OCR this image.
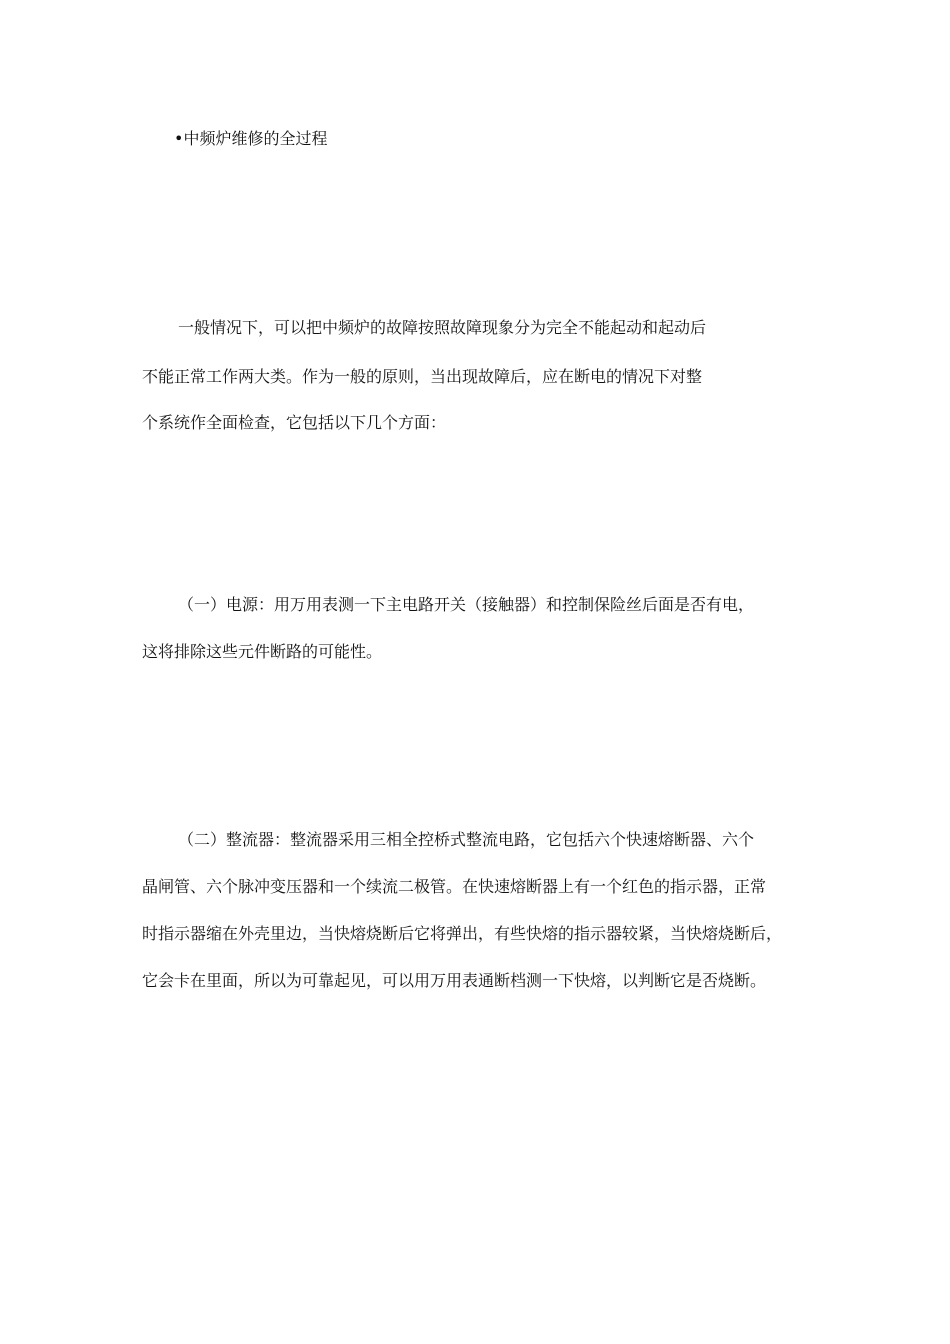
•中频炉维修的全过程
一般情况下，可以把中频炉的故障按照故障现象分为完全不能起动和起动后
不能正常工作两大类。作为一般的原则，当出现故障后，应在断电的情况下对整
个系统作全面检查，它包括以下几个方面：
（一）电源：用万用表测一下主电路开关（接触器）和控制保险丝后面是否有电，
这将排除这些元件断路的可能性。
（二）整流器：整流器采用三相全控桥式整流电路，它包括六个快速熔断器、六个
晶闸管、六个脉冲变压器和一个续流二极管。在快速熔断器上有一个红色的指示器，正常
时指示器缩在外壳里边，当快熔烧断后它将弹出，有些快熔的指示器较紧，当快熔烧断后，
它会卡在里面，所以为可靠起见，可以用万用表通断档测一下快熔，以判断它是否烧断。
